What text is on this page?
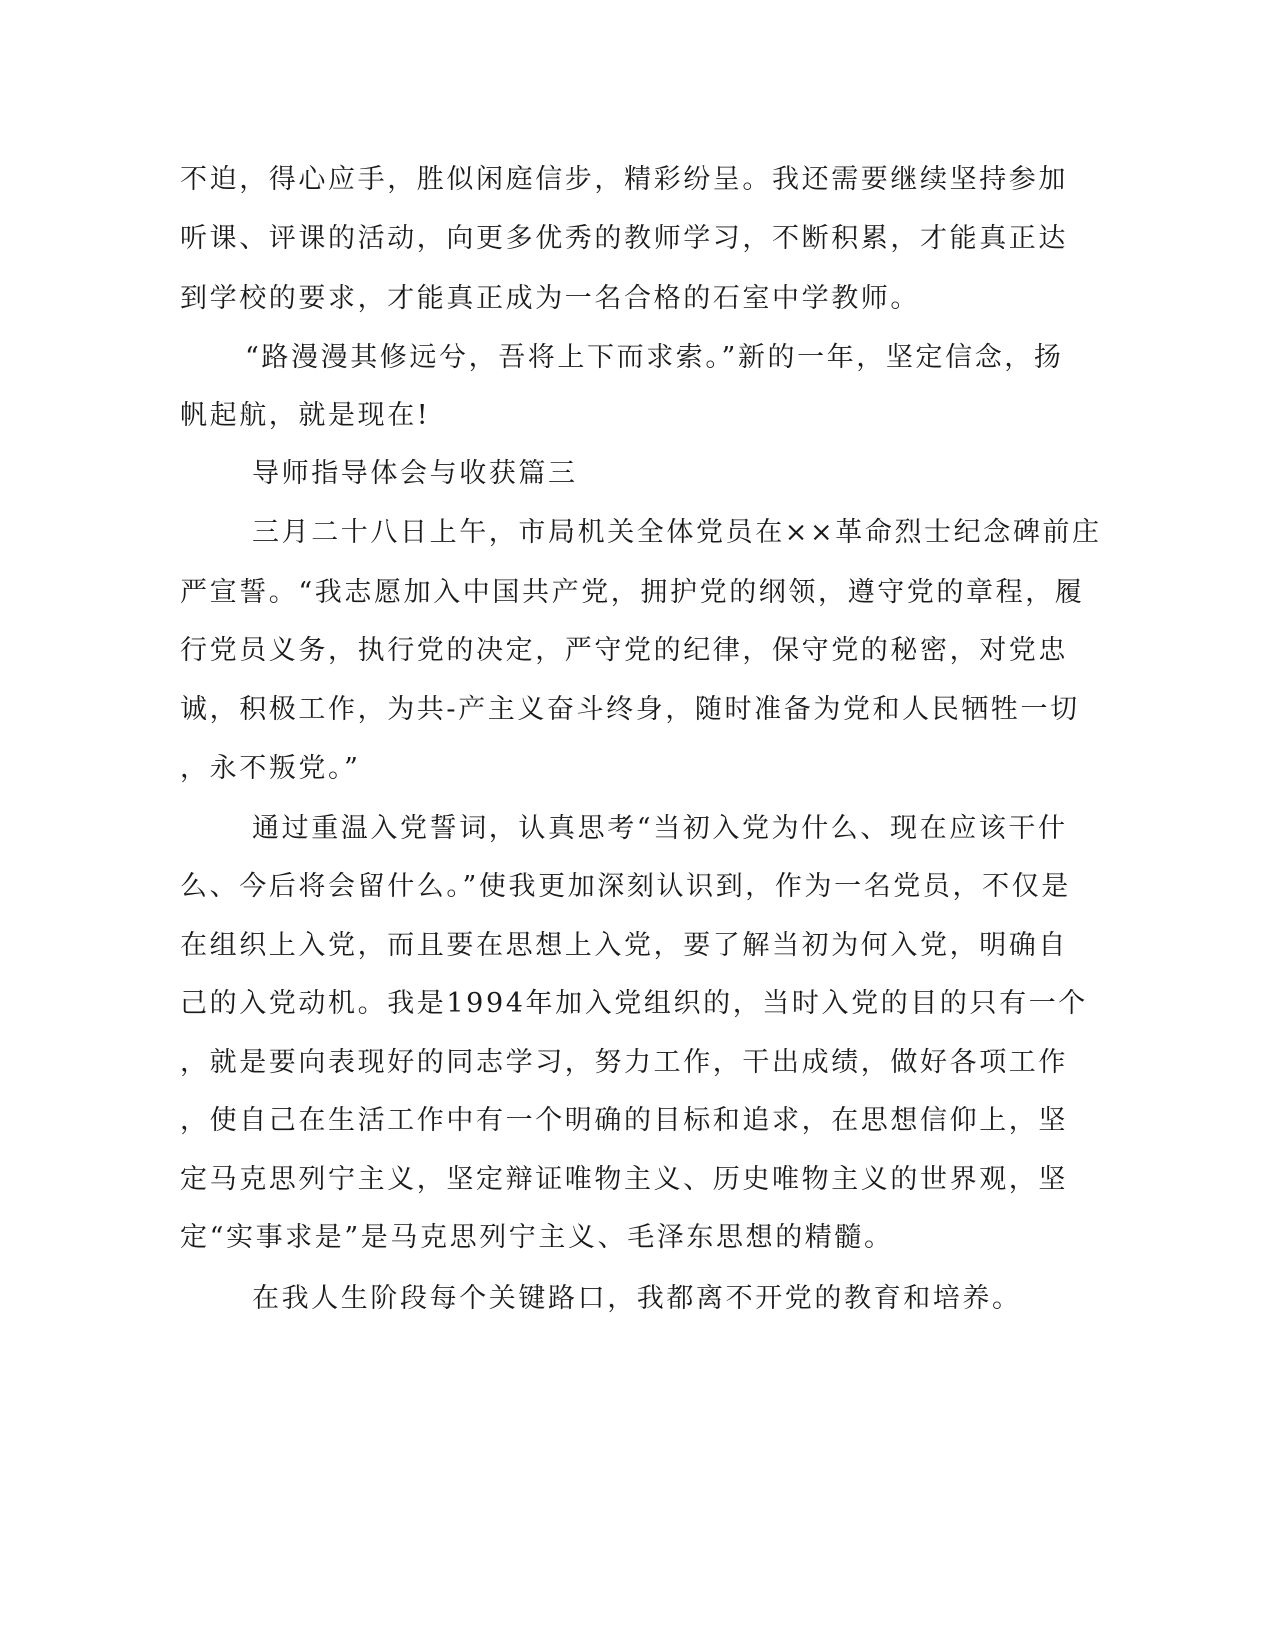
不迫，得心应手，胜似闲庭信步，精彩纷呈。我还需要继续坚持参加
听课、评课的活动，向更多优秀的教师学习，不断积累，才能真正达
到学校的要求，才能真正成为一名合格的石室中学教师。
“路漫漫其修远兮，吾将上下而求索。”新的一年，坚定信念，扬
帆起航，就是现在!
导师指导体会与收获篇三
三月二十八日上午，市局机关全体党员在××革命烈士纪念碑前庄
严宣誓。“我志愿加入中国共产党，拥护党的纲领，遵守党的章程，履
行党员义务，执行党的决定，严守党的纪律，保守党的秘密，对党忠
诚，积极工作，为共-产主义奋斗终身，随时准备为党和人民牺牲一切
，永不叛党。”
通过重温入党誓词，认真思考“当初入党为什么、现在应该干什
么、今后将会留什么。”使我更加深刻认识到，作为一名党员，不仅是
在组织上入党，而且要在思想上入党，要了解当初为何入党，明确自
己的入党动机。我是1994年加入党组织的，当时入党的目的只有一个
，就是要向表现好的同志学习，努力工作，干出成绩，做好各项工作
，使自己在生活工作中有一个明确的目标和追求，在思想信仰上，坚
定马克思列宁主义，坚定辩证唯物主义、历史唯物主义的世界观，坚
定“实事求是”是马克思列宁主义、毛泽东思想的精髓。
在我人生阶段每个关键路口，我都离不开党的教育和培养。
